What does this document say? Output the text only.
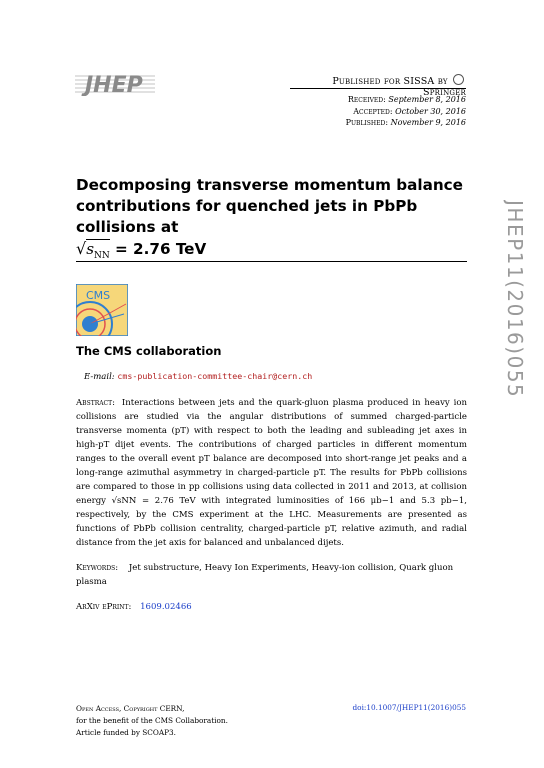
JHEP	Published for SISSA by  Springer
Received: September 8, 2016
Accepted: October 30, 2016
Published: November 9, 2016
Decomposing transverse momentum balance
contributions for quenched jets in PbPb collisions at
$√s_{NN} = 2.76$ TeV
CMS
The CMS collaboration
E-mail: cms-publication-committee-chair@cern.ch
Abstract: Interactions between jets and the quark-gluon plasma produced in heavy ion collisions are studied via the angular distributions of summed charged-particle transverse momenta (pT) with respect to both the leading and subleading jet axes in high-pT dijet events. The contributions of charged particles in different momentum ranges to the overall event pT balance are decomposed into short-range jet peaks and a long-range azimuthal asymmetry in charged-particle pT. The results for PbPb collisions are compared to those in pp collisions using data collected in 2011 and 2013, at collision energy √sNN = 2.76 TeV with integrated luminosities of 166 μb−1 and 5.3 pb−1, respectively, by the CMS experiment at the LHC. Measurements are presented as functions of PbPb collision centrality, charged-particle pT, relative azimuth, and radial distance from the jet axis for balanced and unbalanced dijets.
Keywords: Jet substructure, Heavy Ion Experiments, Heavy-ion collision, Quark gluon plasma
ArXiv ePrint: 1609.02466
JHEP11(2016)055
Open Access, Copyright CERN,
for the benefit of the CMS Collaboration.
Article funded by SCOAP3.
doi:10.1007/JHEP11(2016)055
